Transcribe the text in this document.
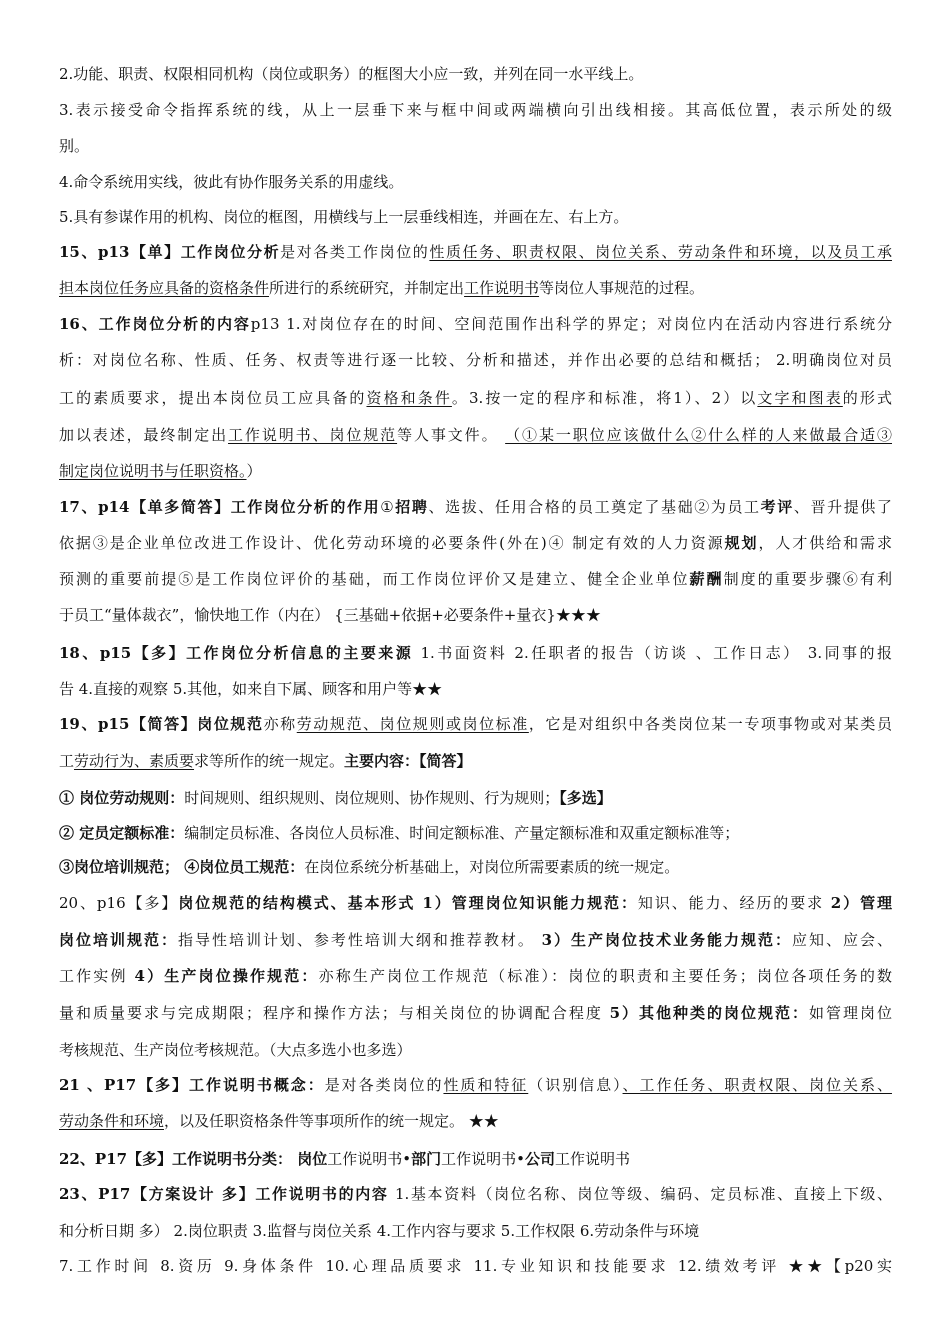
2.功能、职责、权限相同机构（岗位或职务）的框图大小应一致，并列在同一水平线上。
3.表示接受命令指挥系统的线，从上一层垂下来与框中间或两端横向引出线相接。其高低位置，表示所处的级
别。
4.命令系统用实线，彼此有协作服务关系的用虚线。
5.具有参谋作用的机构、岗位的框图，用横线与上一层垂线相连，并画在左、右上方。
15、p13【单】工作岗位分析是对各类工作岗位的性质任务、职责权限、岗位关系、劳动条件和环境，以及员工承
担本岗位任务应具备的资格条件所进行的系统研究，并制定出工作说明书等岗位人事规范的过程。
16、工作岗位分析的内容p13 1.对岗位存在的时间、空间范围作出科学的界定；对岗位内在活动内容进行系统分
析：对岗位名称、性质、任务、权责等进行逐一比较、分析和描述，并作出必要的总结和概括； 2.明确岗位对员
工的素质要求，提出本岗位员工应具备的资格和条件。3.按一定的程序和标准，将1）、2）以文字和图表的形式
加以表述，最终制定出工作说明书、岗位规范等人事文件。 （①某一职位应该做什么②什么样的人来做最合适③
制定岗位说明书与任职资格。）
17、p14【单多简答】工作岗位分析的作用①招聘、选拔、任用合格的员工奠定了基础②为员工考评、晋升提供了
依据③是企业单位改进工作设计、优化劳动环境的必要条件(外在)④ 制定有效的人力资源规划，人才供给和需求
预测的重要前提⑤是工作岗位评价的基础，而工作岗位评价又是建立、健全企业单位薪酬制度的重要步骤⑥有利
于员工“量体裁衣”，愉快地工作（内在） {三基础+依据+必要条件+量衣}★★★
18、p15【多】工作岗位分析信息的主要来源 1.书面资料 2.任职者的报告（访谈 、工作日志） 3.同事的报
告 4.直接的观察 5.其他，如来自下属、顾客和用户等★★
19、p15【简答】岗位规范亦称劳动规范、岗位规则或岗位标准，它是对组织中各类岗位某一专项事物或对某类员
工劳动行为、素质要求等所作的统一规定。主要内容：【简答】
① 岗位劳动规则：时间规则、组织规则、岗位规则、协作规则、行为规则；【多选】
② 定员定额标准：编制定员标准、各岗位人员标准、时间定额标准、产量定额标准和双重定额标准等；
③岗位培训规范； ④岗位员工规范：在岗位系统分析基础上，对岗位所需要素质的统一规定。
20、p16【多】岗位规范的结构模式、基本形式 1）管理岗位知识能力规范：知识、能力、经历的要求 2）管理
岗位培训规范：指导性培训计划、参考性培训大纲和推荐教材。 3）生产岗位技术业务能力规范：应知、应会、
工作实例 4）生产岗位操作规范：亦称生产岗位工作规范（标准）：岗位的职责和主要任务；岗位各项任务的数
量和质量要求与完成期限；程序和操作方法；与相关岗位的协调配合程度 5）其他种类的岗位规范：如管理岗位
考核规范、生产岗位考核规范。（大点多选小也多选）
21 、P17【多】工作说明书概念：是对各类岗位的性质和特征（识别信息）、工作任务、职责权限、岗位关系、
劳动条件和环境，以及任职资格条件等事项所作的统一规定。 ★★
22、P17【多】工作说明书分类： 岗位工作说明书•部门工作说明书•公司工作说明书
23、P17【方案设计 多】工作说明书的内容 1.基本资料（岗位名称、岗位等级、编码、定员标准、直接上下级、
和分析日期 多） 2.岗位职责 3.监督与岗位关系 4.工作内容与要求 5.工作权限 6.劳动条件与环境
7.工作时间 8.资历 9.身体条件 10.心理品质要求 11.专业知识和技能要求 12.绩效考评 ★★【p20实
